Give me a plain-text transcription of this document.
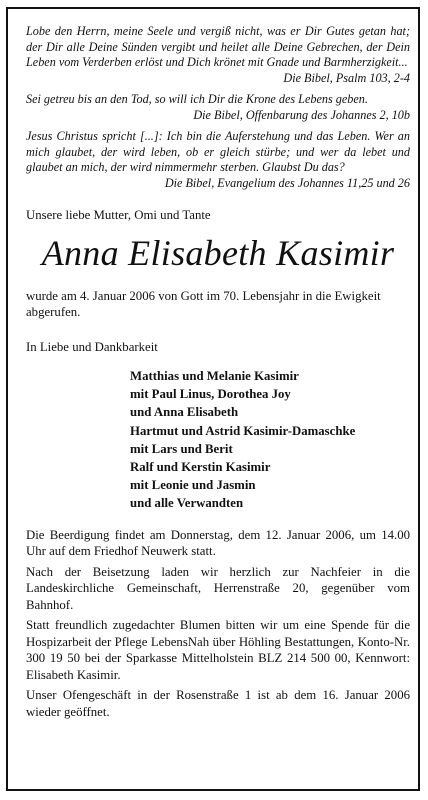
Lobe den Herrn, meine Seele und vergiß nicht, was er Dir Gutes getan hat; der Dir alle Deine Sünden vergibt und heilet alle Deine Gebrechen, der Dein Leben vom Verderben erlöst und Dich krönet mit Gnade und Barmherzigkeit...
Die Bibel, Psalm 103, 2-4

Sei getreu bis an den Tod, so will ich Dir die Krone des Lebens geben.
Die Bibel, Offenbarung des Johannes 2, 10b

Jesus Christus spricht [...]: Ich bin die Auferstehung und das Leben. Wer an mich glaubet, der wird leben, ob er gleich stürbe; und wer da lebet und glaubet an mich, der wird nimmermehr sterben. Glaubst Du das?
Die Bibel, Evangelium des Johannes 11,25 und 26

Unsere liebe Mutter, Omi und Tante
Anna Elisabeth Kasimir
wurde am 4. Januar 2006 von Gott im 70. Lebensjahr in die Ewigkeit abgerufen.
In Liebe und Dankbarkeit
Matthias und Melanie Kasimir
mit Paul Linus, Dorothea Joy
und Anna Elisabeth
Hartmut und Astrid Kasimir-Damaschke
mit Lars und Berit
Ralf und Kerstin Kasimir
mit Leonie und Jasmin
und alle Verwandten
Die Beerdigung findet am Donnerstag, dem 12. Januar 2006, um 14.00 Uhr auf dem Friedhof Neuwerk statt.
Nach der Beisetzung laden wir herzlich zur Nachfeier in die Landeskirchliche Gemeinschaft, Herrenstraße 20, gegenüber vom Bahnhof.
Statt freundlich zugedachter Blumen bitten wir um eine Spende für die Hospizarbeit der Pflege LebensNah über Höhling Bestattungen, Konto-Nr. 300 19 50 bei der Sparkasse Mittelholstein BLZ 214 500 00, Kennwort: Elisabeth Kasimir.
Unser Ofengeschäft in der Rosenstraße 1 ist ab dem 16. Januar 2006 wieder geöffnet.
